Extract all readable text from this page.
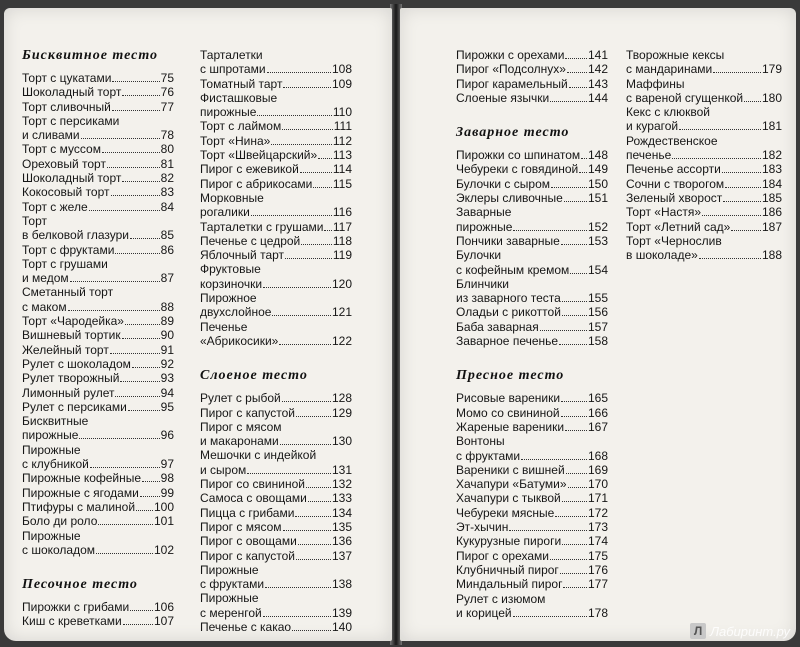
Бисквитное тесто
Торт с цукатами	75
Шоколадный торт	76
Торт сливочный	77
Торт с персиками
и сливами	78
Торт с муссом	80
Ореховый торт	81
Шоколадный торт	82
Кокосовый торт	83
Торт с желе	84
Торт
в белковой глазури	85
Торт с фруктами	86
Торт с грушами
и медом	87
Сметанный торт
с маком	88
Торт «Чародейка»	89
Вишневый тортик	90
Желейный торт	91
Рулет с шоколадом 92
Рулет творожный	93
Лимонный рулет	94
Рулет с персиками	95
Бисквитные
пирожные	96
Пирожные
с клубникой	97
Пирожные кофейные 98
Пирожные с ягодами 99
Птифуры с малиной 100
Боло ди роло	101
Пирожные
с шоколадом	102
Песочное тесто
Пирожки с грибами 106
Киш с креветками	107
Тарталетки
с шпротами	108
Томатный тарт	109
Фисташковые
пирожные	110
Торт с лаймом	111
Торт «Нина»	112
Торт «Швейцарский» 113
Пирог с ежевикой	114
Пирог с абрикосами 115
Морковные
рогалики	116
Тарталетки с грушами 117
Печенье с цедрой	118
Яблочный тарт	119
Фруктовые
корзиночки	120
Пирожное
двухслойное	121
Печенье
«Абрикосики»	122
Слоеное тесто
Рулет с рыбой	128
Пирог с капустой	129
Пирог с мясом
и макаронами	130
Мешочки с индейкой
и сыром	131
Пирог со свининой 132
Самоса с овощами 133
Пицца с грибами	134
Пирог с мясом	135
Пирог с овощами	136
Пирог с капустой	137
Пирожные
с фруктами	138
Пирожные
с меренгой	139
Печенье с какао	140
Пирожки с орехами 141
Пирог «Подсолнух» 142
Пирог карамельный 143
Слоеные язычки	144
Заварное тесто
Пирожки со шпинатом 148
Чебуреки с говядиной 149
Булочки с сыром	150
Эклеры сливочные 151
Заварные
пирожные	152
Пончики заварные 153
Булочки
с кофейным кремом 154
Блинчики
из заварного теста 155
Оладьи с рикоттой 156
Баба заварная	157
Заварное печенье 158
Пресное тесто
Рисовые вареники 165
Момо со свининой 166
Жареные вареники 167
Вонтоны
с фруктами	168
Вареники с вишней 169
Хачапури «Батуми» 170
Хачапури с тыквой 171
Чебуреки мясные	172
Эт-хычин	173
Кукурузные пироги 174
Пирог с орехами	175
Клубничный пирог 176
Миндальный пирог 177
Рулет с изюмом
и корицей	178
Творожные кексы
с мандаринами	179
Маффины
с вареной сгущенкой 180
Кекс с клюквой
и курагой	181
Рождественское
печенье	182
Печенье ассорти	183
Сочни с творогом	184
Зеленый хворост	185
Торт «Настя»	186
Торт «Летний сад»	187
Торт «Чернослив
в шоколаде»	188
Л Лабиринт.ру
